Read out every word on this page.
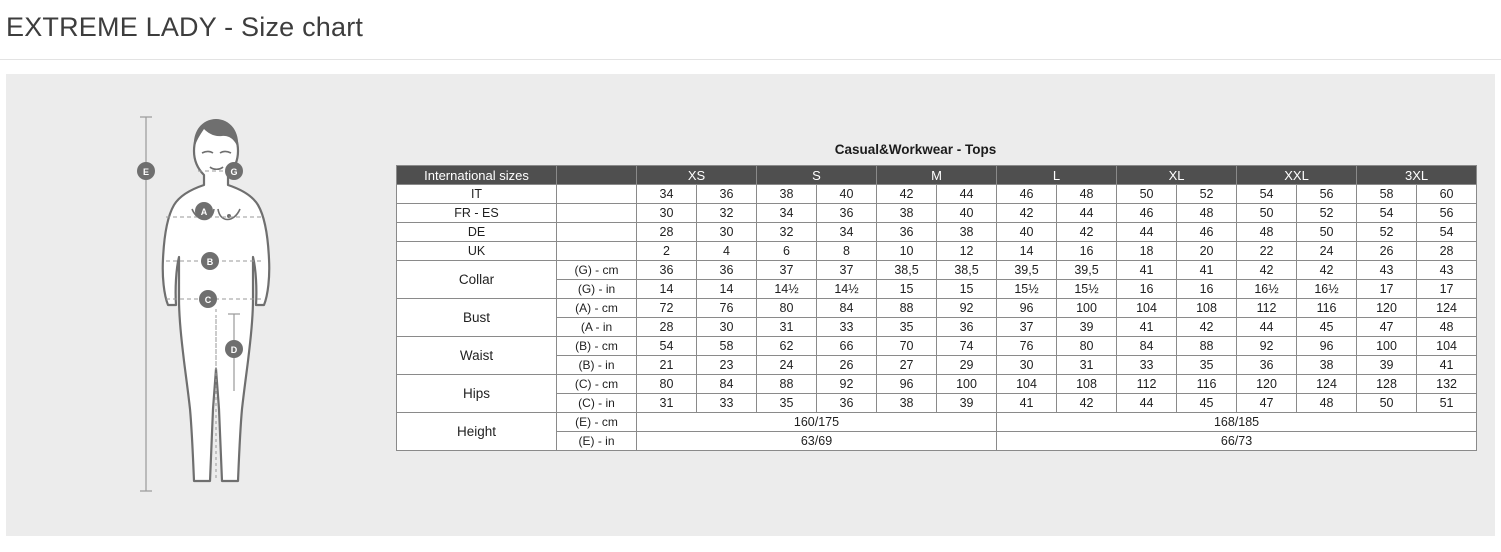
EXTREME LADY - Size chart
E	G
A
B
C
D
Casual&Workwear - Tops
International sizes		XS		S		M		L		XL		XXL		3XL	
IT		34	36	38	40	42	44	46	48	50	52	54	56	58	60
FR - ES		30	32	34	36	38	40	42	44	46	48	50	52	54	56
DE		28	30	32	34	36	38	40	42	44	46	48	50	52	54
UK		2	4	6	8	10	12	14	16	18	20	22	24	26	28
Collar	(G) - cm	36	36	37	37	38,5	38,5	39,5	39,5	41	41	42	42	43	43
	(G) - in	14	14	14½	14½	15	15	15½	15½	16	16	16½	16½	17	17
Bust	(A) - cm	72	76	80	84	88	92	96	100	104	108	112	116	120	124
	(A - in	28	30	31	33	35	36	37	39	41	42	44	45	47	48
Waist	(B) - cm	54	58	62	66	70	74	76	80	84	88	92	96	100	104
	(B) - in	21	23	24	26	27	29	30	31	33	35	36	38	39	41
Hips	(C) - cm	80	84	88	92	96	100	104	108	112	116	120	124	128	132
	(C) - in	31	33	35	36	38	39	41	42	44	45	47	48	50	51
Height	(E) - cm	160/175						168/185							
	(E) - in	63/69						66/73							
